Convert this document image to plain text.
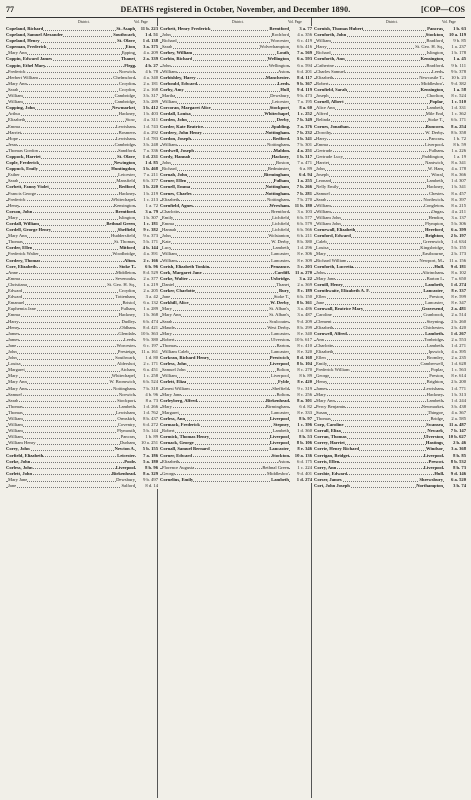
77	DEATHS registered in October, November, and December 1890.	[COP—COS
District.	Vol. Page
Copeland, Richard	St. Asaph	11 b. 223
Copeland, Samuel Alexander	Southwark	1 d. 51
Copeland, Henry	St. Olave	1 d. 138
Copeman, Frederick	Eton	3 a. 375
Mary Ann	Epping	4 a. 209
Coppin, Edward James	Thanet	2 a. 339
Coppin, Ethel Mary	Flegg	4 b. 27
Frederick	Norwich	4 b. 78
Herbert William	Chelmsford	4 a. 340
Mary Ann	Croydon	2 a. 181
Sarah	Croydon	2 a. 168
William	Cambridge	3 b. 317
William	Cambridge	3 b. 289
Copping, John	Newmarket	3 b. 412
Arthur	Hackney	1 b. 403
Elizabeth	Stow	4 a. 311
Emma	Lewisham	1 d. 743
Harriet	Bosmere	4 a. 292
Hope	Lewisham	1 d. 783
Jesse	Cambridge	3 b. 248
Thomas Gordon	Sandford	7 a. 336
Coppock, Harriet	St. Olave	1 d. 231
Cople, Frederick	Newington	1 d. 85
Coppuck, Emily	Huntingdon	3 b. 468
Esther	Leicester	7 a. 211
Sarah	Mansfield	6 b. 377
Corbett, Fanny Violet	Bedford	3 b. 220
Francis George	Hackney	1 b. 219
Frederick	Whitechapel	1 c. 213
Henry	Kensington	1 a. 72
Corson, John	Brentford	3 a. 79
Mary	Islington	1 b. 307
Cordall, William	Bethnal Green	1 c. 181
Cordell, George Henry	Sheffield	9 c. 382
Mary Ann	Huddersfield	9 a. 373
Thomas	St. Thomas	5 b. 171
Corder, Ellen	Mitford	4 b. 144
Frederick Walter	Woodbridge	4 a. 391
Cordery, Thomas	Alton	2 c. 166
Core, Elizabeth	Stoke T.	6 b. 96
Anne	Middleton	8 d. 529
Emma	Sevenoaks	2 a. 377
Christiana	St. Geo. H. Sq.	1 a. 219
Edward	Croydon	2 a. 205
Edward	Tottenham	3 a. 42
Emanuel	Bristol	6 a. 132
Euphemia Jane	Fulham	1 a. 289
Emma	Hackney	1 b. 368
Harry	Dudley	6 b. 474
Henry	Oldham	8 d. 421
James	Glendale	10 b. 363
James	Leeds	9 b. 380
Jane	Worcester	6 c. 197
John	Presteign	11 a. 161
John	Southwark	1 d. 80
Louisa	Aldershot	2 c. 171
Margaret	Atcham	6 a. 451
Mary	Whitechapel	1 c. 258
Mary Ann	W. Bromwich	6 b. 524
Mary Ann	Nottingham	7 b. 318
Samuel	Norwich	4 b. 96
Sarah	Stockport	8 a. 73
Thomas	Lambeth	1 d. 266
Thomas	Lewisham	1 d. 762
William	Ormskirk	8 b. 437
William	Coventry	6 d. 272
William	Plymouth	5 b. 144
William	Pancras	1 b. 89
William Henry	Durham	10 a. 251
Corey, John	Newton A.	5 b. 155
Corfield, Elizabeth	Leicester	7 a. 186
Corke, John	Poole	5 a. 180
Corless, John	Liverpool	8 b. 96
Corlett, John	Birkenhead	8 a. 329
Mary Jane	Dewsbury	9 b. 497
Jane	Salford	8 d. 14
District.	Vol. Page
Corbett, Henry Frederick	Brentford	3 a. 77
John	Rochford	4 a. 356
Richard	Worcester	6 c. 419
Sarah	Wolverhampton	6 b. 416
Corbey, William	Louth	7 a. 569
Corbin, Richard	Wellington	6 a. 593
John	Wellington	6 a. 594
William	Aston	6 d. 201
Corbishley, Harry	Manchester	8 d. 117
Corbould, Edward	Leeds	9 b. 367
Corby, Amy	Hull	9 d. 119
Martha	Dewsbury	9 b. 473
William	Leicester	7 a. 195
Corcoran, Margaret Alice	Stockport	8 a. 60
Cordall, Louisa	Whitechapel	1 c. 252
Corden, John	Derby	7 b. 349
Corder, Kate Beatrice	Spalding	7 a. 376
Cordery, John Henry	Nottingham	7 b. 232
Cordon, Joseph	Bedford	3 b. 341
William	Nottingham	7 b. 301
Cordwell, Joseph	Maldon	4 a. 251
Cordy, Hannah	Hackney	1 b. 317
John	Boston	7 a. 471
Richard	Bedminster	6 a. 89
Cornah, John	Birmingham	6 d. 94
Corner, Ellen	Fulham	1 a. 255
Cornell, Emma	Nottingham	7 b. 266
Cornes, Charles	Nottingham	7 b. 281
Elizabeth	Nottingham	7 b. 270
Cornfield, Agnes	Wrexham	11 b. 180
Charlotte	Brentford	3 a. 103
Emily	Lichfield	6 b. 577
Emma	Lichfield	6 b. 579
Hannah	Lichfield	6 b. 566
John	Wolstanton	6 b. 211
Kate	W. Derby	8 b. 380
Lucy	Lambeth	1 d. 296
William	Lancaster	8 e. 306
William	Lancaster	8 e. 309
Corish, Elizabeth Tonkin	Penzance	5 c. 203
Cork, Margaret Jane	Cardiff	11 a. 270
Corke, Walter	Uxbridge	3 a. 22
Daniel	Thanet	2 a. 369
Corker, Charlotte	Bury	8 c. 189
Jane	Stoke T.	6 b. 150
Corkhill, Alice	W. Derby	8 b. 361
Mary	St. Alban's	3 a. 486
Mary Ann	St. Alban's	3 a. 487
Sarah	Sculcoates	9 d. 209
Maude	West Derby	8 b. 299
Mary	Lancaster	8 e. 340
Robert	Ulverston	10 b. 617
Thomas	Barton	8 c. 410
William Caleb	Lancaster	8 e. 320
Corkran, Richard Henry	Prestwich	8 d. 168
Corless, John	Liverpool	8 b. 104
Samuel John	Bolton	8 c. 270
William	Liverpool	8 b. 89
Corlett, Eliza	Fylde	8 e. 420
Ernest William	Sheffield	9 c. 319
Mary Jane	Bolton	8 c. 256
Corleyberg, Alfred	Birkenhead	8 a. 301
Mary	Birmingham	6 d. 82
Margaret	Lancaster	8 e. 333
Corless, Ann	Liverpool	8 b. 97
Cormack, Frederick	Stepney	1 c. 396
Robert	Lambeth	1 d. 360
Cormick, Thomas Henry	Liverpool	8 b. 53
Cornack, George	Liverpool	8 b. 106
Cornall, Samuel Bernard	Lancaster	8 e. 346
Corner, Edward	Stockton	10 a. 136
Elizabeth	Aston	6 d. 175
Florence Augusta	Bethnal Green	1 c. 224
George	Middlesbro'	9 d. 401
Cornelius, Emily	Lambeth	1 d. 274
District.	Vol. Page
Cornish, Thomas Hubert	Pancras	1 b. 63
Cornforth, John	Stockton	10 a. 119
William	Bradford	9 b. 85
Harry	St. Geo. H. Sq.	1 a. 237
Richard	Islington	1 b. 178
Cornforth, Ann	Kensington	1 a. 45
Catherine	Bradford	9 b. 111
Charles Samuel	Leeds	9 b. 378
Elizabeth	Newcastle T.	10 b. 23
Robert	Middlesbro'	9 d. 382
Cornfield, Sarah	Kensington	1 a. 58
Joseph	Chorlton	8 c. 524
Cornell, Albert	Poplar	1 c. 510
Alice Ann	Lambeth	1 d. 331
Alfred	Mile End	1 c. 362
Belinda	Stoke T.	6 b. 171
Cornes, Jonathan	Runcorn	8 a. 254
Dorothy	W. Derby	8 b. 358
Harry	Pancras	1 b. 72
Emma	Liverpool	8 b. 59
Gertrude	Fulham	1 a. 226
Gertrude Lucy	Paddington	1 a. 19
Harriet	Nantwich	8 a. 341
John	W. Ham	4 a. 178
Joseph	Wirral	8 a. 366
Leonard	Lambeth	1 d. 307
Nelly Emily	Hackney	1 b. 341
Samuel	Chester	8 a. 457
Sarah	Northwich	8 a. 397
William	Congleton	8 a. 215
William	Ongar	4 a. 211
William John	Hendon	3 a. 137
William John	Plympton	5 b. 306
Cornewall, Elizabeth	Hereford	6 a. 399
Cornford, Edward	Brighton	2 b. 197
Caleb	Greenwich	1 d. 634
Louisa	Kingsbridge	5 b. 155
Mary	Eastbourne	2 b. 173
Richard William	Newport, M.	11 a. 156
Cornforth, Lucretia	Hull	9 d. 181
John	Altrincham	8 a. 102
Mary Jane	Barton I.	7 a. 650
Cornill, Henry	Lambeth	1 d. 274
Cornthwaite, Elizabeth A. F.	Lancaster	8 e. 337
Ellen	Preston	8 e. 599
Jane	Lancaster	8 e. 347
Cornwall, Beatrice Mary	Gravesend	2 a. 481
Caroline	Cranbrook	2 a. 514
Clement	Steyning	2 b. 260
Elizabeth	Chichester	2 b. 420
Cornwell, Alfred	Lambeth	1 d. 267
Ann	Tonbridge	2 a. 553
Charlotte	Lambeth	1 d. 271
Elizabeth	Ipswich	4 a. 395
Ellen	Bromley	2 a. 235
Emily	Camberwell	1 d. 628
Frederick William	Poplar	1 c. 563
George	Preston	8 e. 614
Henry	Brighton	2 b. 200
James	Lewisham	1 d. 771
Mary	Hackney	1 b. 313
Mary Ann	Lambeth	1 d. 244
Percy Benjamin	Newmarket	3 b. 438
Susan	Thingoe	4 a. 367
Thomas	Bridge	2 a. 585
Corp, Caroline	Swansea	11 a. 487
Corrall, Eliza	Newark	7 b. 147
Corran, Thomas	Ulverston	10 b. 627
Correy, Harriet	Hastings	2 b. 46
Corrie, Henry Richard	Windsor	3 a. 368
Corrigan, Bridget	Liverpool	8 b. 85
Corris, Ellen	Prescot	8 b. 532
Corry, Ann	Liverpool	8 b. 73
Corsbie, Edward	Hull	9 d. 146
Corser, James	Shrewsbury	6 a. 520
Cort, John Joseph	Northampton	3 b. 74
